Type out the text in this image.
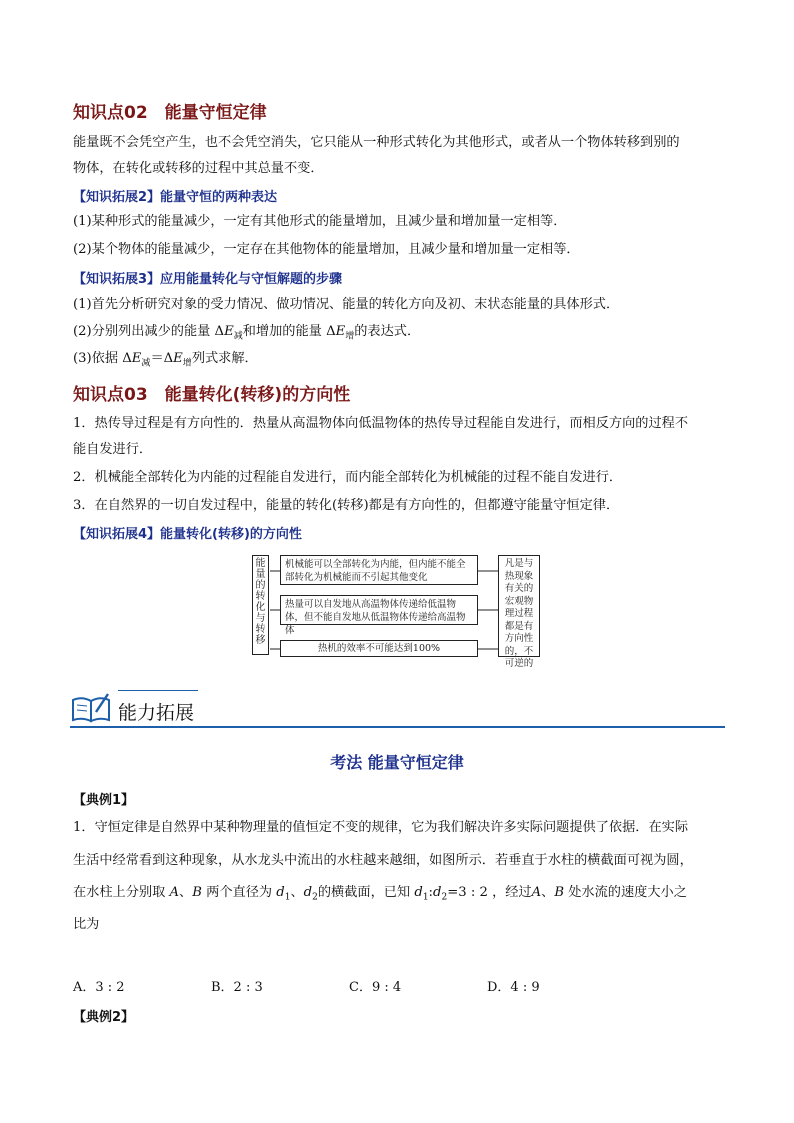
知识点02　能量守恒定律
能量既不会凭空产生，也不会凭空消失，它只能从一种形式转化为其他形式，或者从一个物体转移到别的
物体，在转化或转移的过程中其总量不变．
【知识拓展2】能量守恒的两种表达
(1)某种形式的能量减少，一定有其他形式的能量增加，且减少量和增加量一定相等．
(2)某个物体的能量减少，一定存在其他物体的能量增加，且减少量和增加量一定相等．
【知识拓展3】应用能量转化与守恒解题的步骤
(1)首先分析研究对象的受力情况、做功情况、能量的转化方向及初、末状态能量的具体形式．
(2)分别列出减少的能量 $\Delta E_减$和增加的能量 $\Delta E_增$的表达式．
(3)依据 $\Delta E_减=\Delta E_增$列式求解．
知识点03　能量转化(转移)的方向性
1．热传导过程是有方向性的．热量从高温物体向低温物体的热传导过程能自发进行，而相反方向的过程不
能自发进行．
2．机械能全部转化为内能的过程能自发进行，而内能全部转化为机械能的过程不能自发进行．
3．在自然界的一切自发过程中，能量的转化(转移)都是有方向性的，但都遵守能量守恒定律．
【知识拓展4】能量转化(转移)的方向性
能量的转化与转移
机械能可以全部转化为内能，但内能不能全部转化为机械能而不引起其他变化
热量可以自发地从高温物体传递给低温物体，但不能自发地从低温物体传递给高温物体
热机的效率不可能达到100%
凡是与热现象有关的宏观物理过程都是有方向性的，不可逆的
能力拓展
考法 能量守恒定律
【典例1】
1．守恒定律是自然界中某种物理量的值恒定不变的规律，它为我们解决许多实际问题提供了依据．在实际
生活中经常看到这种现象，从水龙头中流出的水柱越来越细，如图所示．若垂直于水柱的横截面可视为圆，
在水柱上分别取 A、B 两个直径为 $d_1$、$d_2$的横截面，已知 $d_1:d_2=3$ : 2 ，经过A、B 处水流的速度大小之
比为
A．3 : 2	B．2 : 3	C．9 : 4	D．4 : 9
【典例2】
